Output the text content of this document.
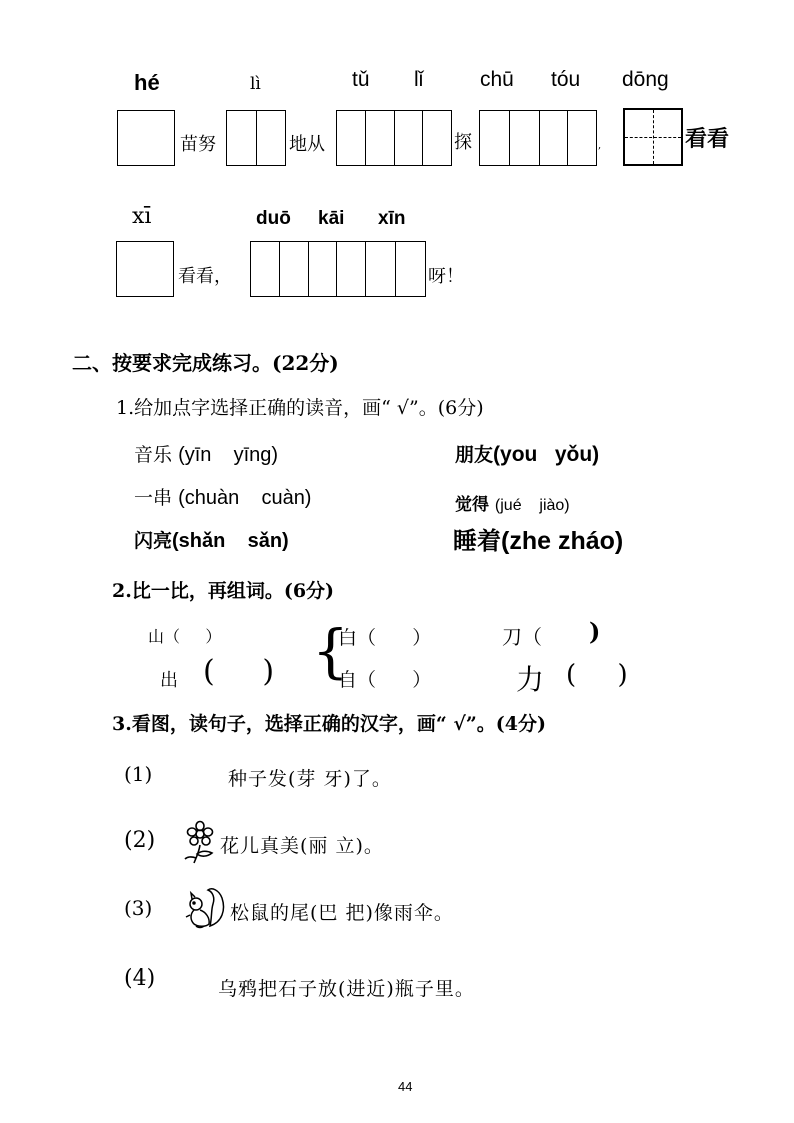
hé	lì	tǔ lǐ	chū tóu dōng
苗努	地从	探	,	看看
xī	duō kāi xīn
看看，	呀！
二、按要求完成练习。(22分)
1.给加点字选择正确的读音，画“ √”。(6分)
音乐 (yīn    yīng)	朋友(you   yǒu)
一串 (chuàn    cuàn)	觉得 (jué    jiào)
闪亮(shǎn    sǎn)	睡着(zhe zháo)
2.比一比，再组词。(6分)
山（     ）
出 (     ) {
白（      ）
自（      ）
刀（ )
力 (     )
3.看图，读句子，选择正确的汉字，画“ √”。(4分)
(1)	种子发(芽 牙)了。
(2)	花儿真美(丽 立)。
(3)	松鼠的尾(巴 把)像雨伞。
(4)	乌鸦把石子放(进近)瓶子里。
44
